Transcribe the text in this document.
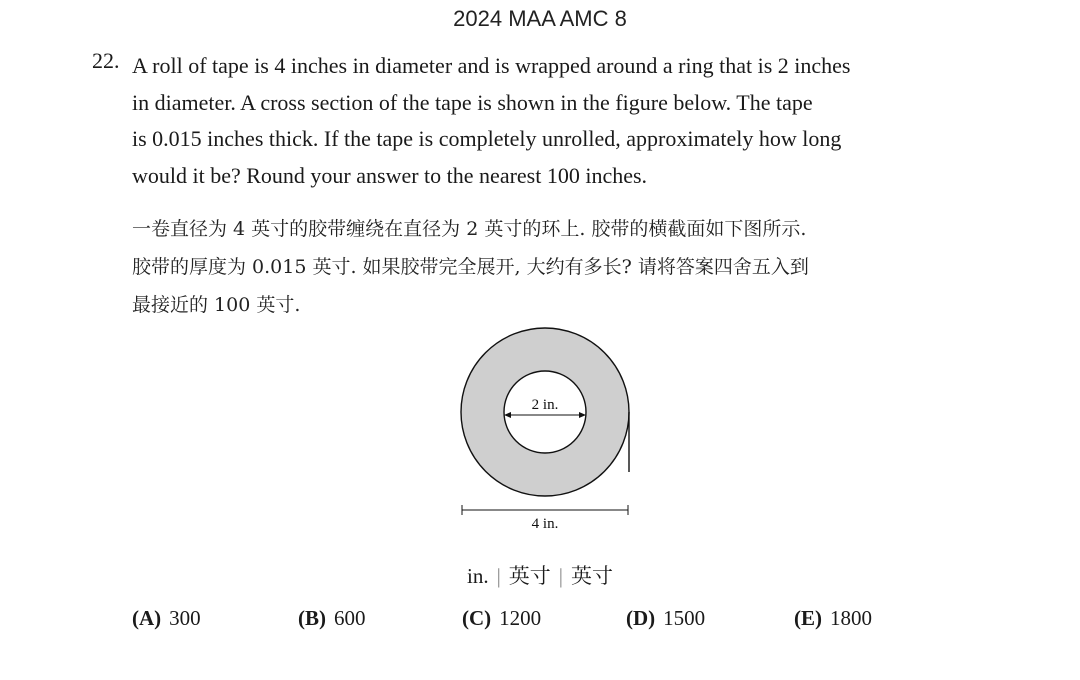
2024 MAA AMC 8
22. A roll of tape is 4 inches in diameter and is wrapped around a ring that is 2 inches
in diameter. A cross section of the tape is shown in the figure below. The tape
is 0.015 inches thick. If the tape is completely unrolled, approximately how long
would it be? Round your answer to the nearest 100 inches.
一卷直径为 4 英寸的胶带缠绕在直径为 2 英寸的环上. 胶带的横截面如下图所示.
胶带的厚度为 0.015 英寸. 如果胶带完全展开, 大约有多长? 请将答案四舍五入到
最接近的 100 英寸.
2 in.
4 in.
in. | 英寸 | 英寸
(A) 300	(B) 600	(C) 1200	(D) 1500	(E) 1800
